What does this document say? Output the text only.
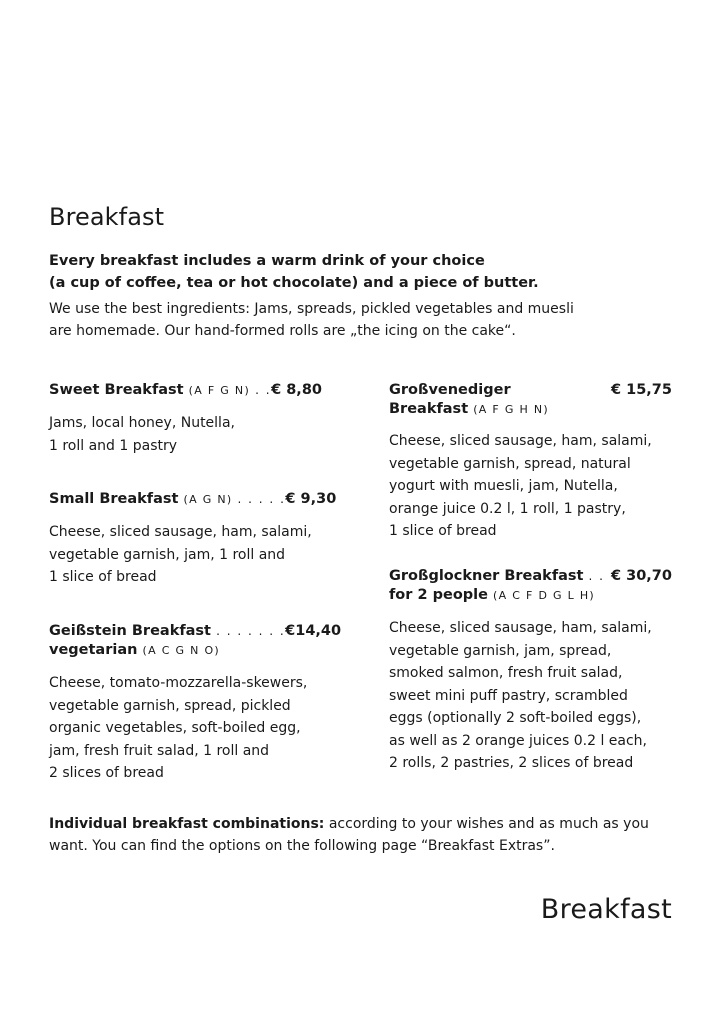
Breakfast

Every breakfast includes a warm drink of your choice
(a cup of coffee, tea or hot chocolate) and a piece of butter.

We use the best ingredients: Jams, spreads, pickled vegetables and muesli
are homemade. Our hand-formed rolls are „the icing on the cake“.

Sweet Breakfast (A F G N) . . € 8,80

Jams, local honey, Nutella,
1 roll and 1 pastry

Small Breakfast (A G N) . . . . . € 9,30

Cheese, sliced sausage, ham, salami,
vegetable garnish, jam, 1 roll and
1 slice of bread

Geißstein Breakfast . . . . . . .
vegetarian (A C G N O)
€14,40

Cheese, tomato-mozzarella-skewers,
vegetable garnish, spread, pickled
organic vegetables, soft-boiled egg,
jam, fresh fruit salad, 1 roll and
2 slices of bread

Großvenediger
Breakfast (A F G H N)
€ 15,75

Cheese, sliced sausage, ham, salami,
vegetable garnish, spread, natural
yogurt with muesli, jam, Nutella,
orange juice 0.2 l, 1 roll, 1 pastry,
1 slice of bread

Großglockner Breakfast . .
for 2 people (A C F D G L H)
€ 30,70

Cheese, sliced sausage, ham, salami,
vegetable garnish, jam, spread,
smoked salmon, fresh fruit salad,
sweet mini puff pastry, scrambled
eggs (optionally 2 soft-boiled eggs),
as well as 2 orange juices 0.2 l each,
2 rolls, 2 pastries, 2 slices of bread

Individual breakfast combinations: according to your wishes and as much as you want. You can find the options on the following page “Breakfast Extras”.

Breakfast
